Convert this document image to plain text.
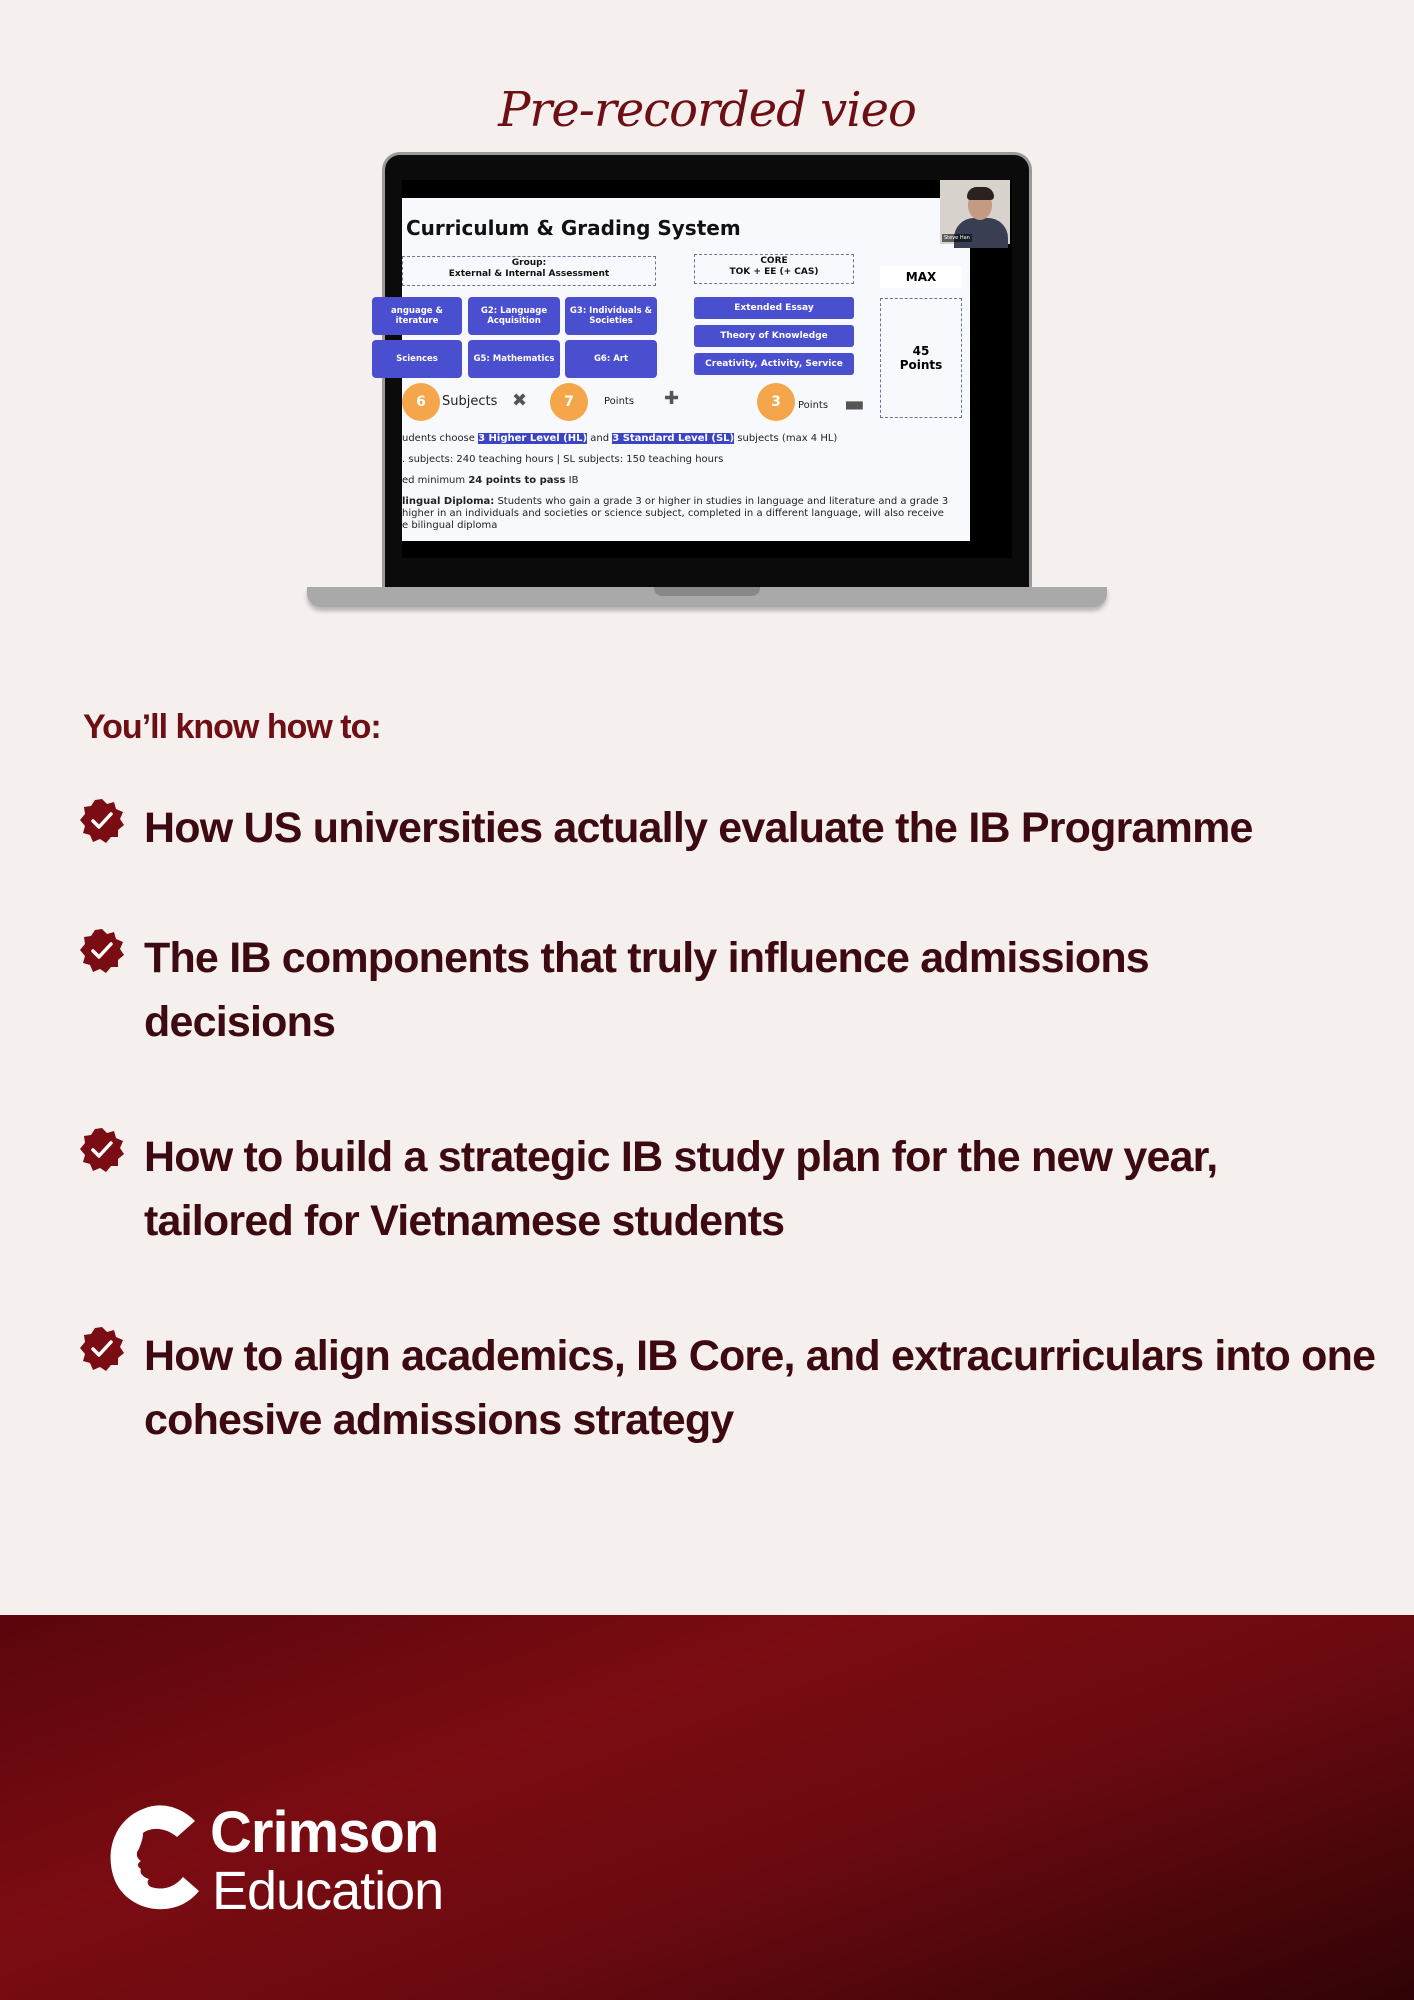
Pre-recorded vieo
Curriculum & Grading System
Group:
External & Internal Assessment
CORE
TOK + EE (+ CAS)	MAX
45
Points
anguage & iterature
G2: Language Acquisition
G3: Individuals & Societies
Sciences	G5: Mathematics	G6: Art
Extended Essay
Theory of Knowledge
Creativity, Activity, Service
6	Subjects ✖	7	Points ✚	3	Points ▬
udents choose 3 Higher Level (HL) and 3 Standard Level (SL) subjects (max 4 HL)
. subjects: 240 teaching hours | SL subjects: 150 teaching hours
ed minimum 24 points to pass IB
lingual Diploma: Students who gain a grade 3 or higher in studies in language and literature and a grade 3
higher in an individuals and societies or science subject, completed in a different language, will also receive
e bilingual diploma
Steve Han
You’ll know how to:
How US universities actually evaluate the IB Programme
The IB components that truly influence admissions decisions
How to build a strategic IB study plan for the new year, tailored for Vietnamese students
How to align academics, IB Core, and extracurriculars into one cohesive admissions strategy
Crimson
Education
